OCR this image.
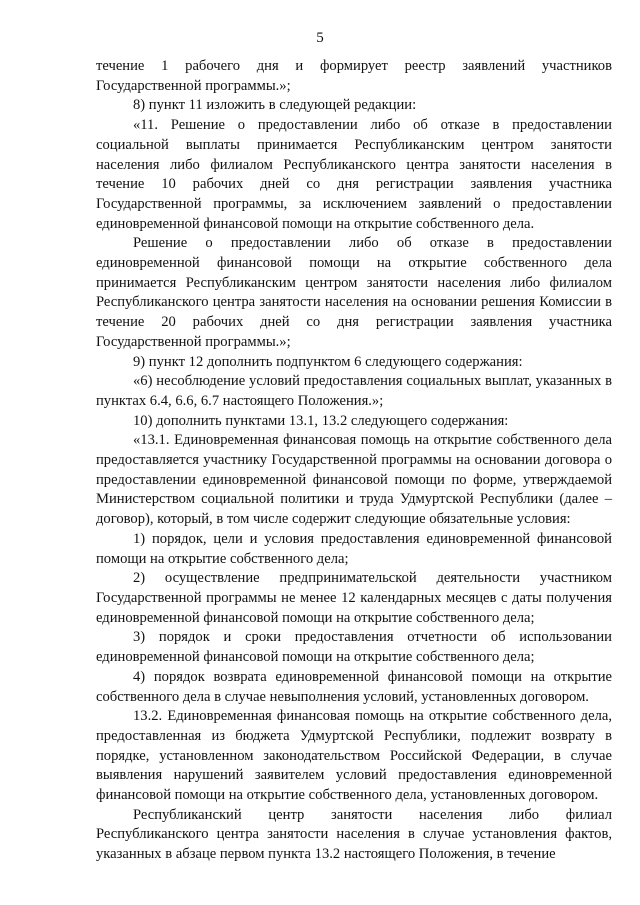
5

течение 1 рабочего дня и формирует реестр заявлений участников Государственной программы.»;

8) пункт 11 изложить в следующей редакции:

«11. Решение о предоставлении либо об отказе в предоставлении социальной выплаты принимается Республиканским центром занятости населения либо филиалом Республиканского центра занятости населения в течение 10 рабочих дней со дня регистрации заявления участника Государственной программы, за исключением заявлений о предоставлении единовременной финансовой помощи на открытие собственного дела.

Решение о предоставлении либо об отказе в предоставлении единовременной финансовой помощи на открытие собственного дела принимается Республиканским центром занятости населения либо филиалом Республиканского центра занятости населения на основании решения Комиссии в течение 20 рабочих дней со дня регистрации заявления участника Государственной программы.»;

9) пункт 12 дополнить подпунктом 6 следующего содержания:

«6) несоблюдение условий предоставления социальных выплат, указанных в пунктах 6.4, 6.6, 6.7 настоящего Положения.»;

10) дополнить пунктами 13.1, 13.2 следующего содержания:

«13.1. Единовременная финансовая помощь на открытие собственного дела предоставляется участнику Государственной программы на основании договора о предоставлении единовременной финансовой помощи по форме, утверждаемой Министерством социальной политики и труда Удмуртской Республики (далее – договор), который, в том числе содержит следующие обязательные условия:

1) порядок, цели и условия предоставления единовременной финансовой помощи на открытие собственного дела;

2) осуществление предпринимательской деятельности участником Государственной программы не менее 12 календарных месяцев с даты получения единовременной финансовой помощи на открытие собственного дела;

3) порядок и сроки предоставления отчетности об использовании единовременной финансовой помощи на открытие собственного дела;

4) порядок возврата единовременной финансовой помощи на открытие собственного дела в случае невыполнения условий, установленных договором.

13.2. Единовременная финансовая помощь на открытие собственного дела, предоставленная из бюджета Удмуртской Республики, подлежит возврату в порядке, установленном законодательством Российской Федерации, в случае выявления нарушений заявителем условий предоставления единовременной финансовой помощи на открытие собственного дела, установленных договором.

Республиканский центр занятости населения либо филиал Республиканского центра занятости населения в случае установления фактов, указанных в абзаце первом пункта 13.2 настоящего Положения, в течение
